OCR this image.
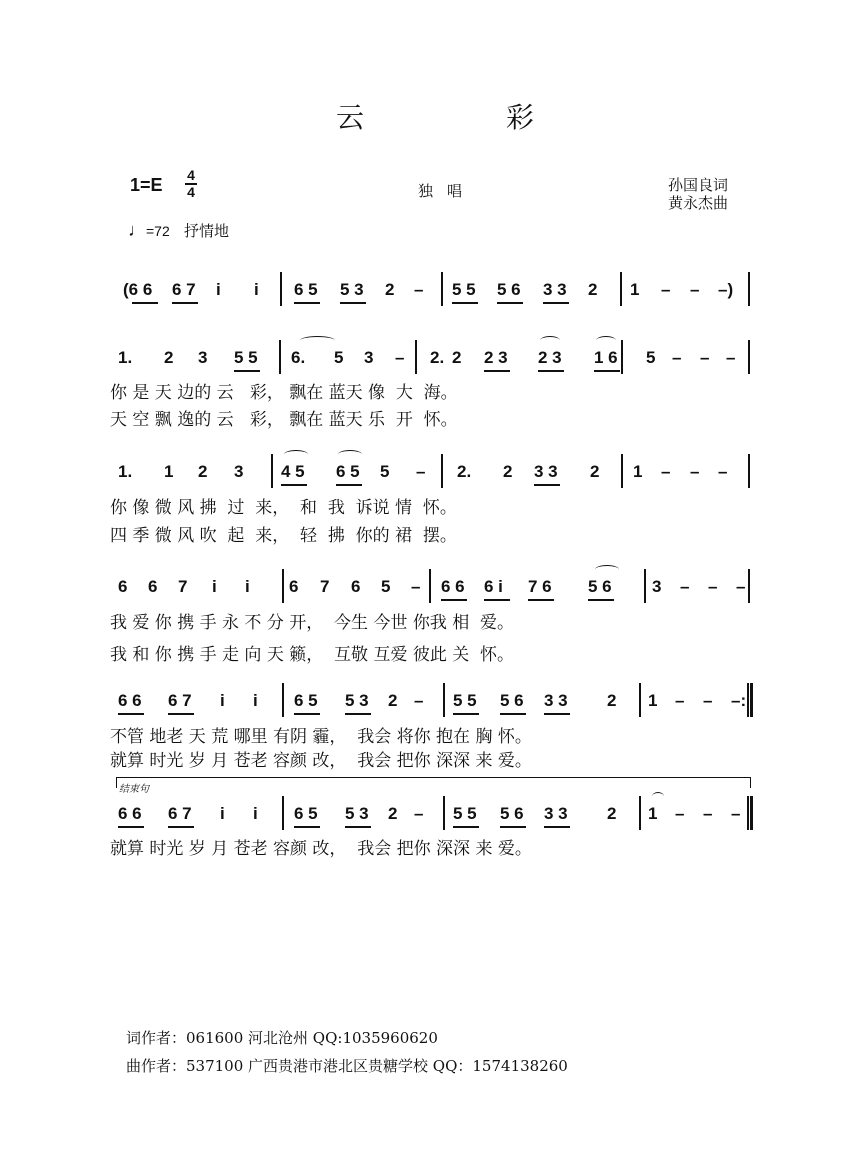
云	彩
1=E 4
4	独唱	孙国良词
黄永杰曲
♩=72 抒情地
(6 6 6 7 i i 6 5 5 3 2 – 5 5 5 6 3 3 2 1 – – –)
1. 2 3 5 5 6. 5 3 – 2. 2 2 3 2 3 1 6 5 – – –
你 是 天 边的 云   彩， 飘在 蓝天 像  大  海。
天 空 飘 逸的 云   彩， 飘在 蓝天 乐  开  怀。
1. 1 2 3 4 5 6 5 5 – 2. 2 3 3 2 1 – – –
你 像 微 风 拂  过  来，  和  我  诉说 情  怀。
四 季 微 风 吹  起  来，  轻  拂  你的 裙  摆。
6 6 7 i i 6 7 6 5 – 6 6 6 i 7 6 5 6 3 – – –
我 爱 你 携 手 永 不 分 开，  今生 今世 你我 相  爱。
我 和 你 携 手 走 向 天 籁，  互敬 互爱 彼此 关  怀。
6 6 6 7 i i 6 5 5 3 2 – 5 5 5 6 3 3 2 1 – – –:
不管 地老 天 荒 哪里 有阴 霾，  我会 将你 抱在 胸 怀。
就算 时光 岁 月 苍老 容颜 改，  我会 把你 深深 来 爱。
6 6 6 7 i i 6 5 5 3 2 – 5 5 5 6 3 3 2 1 – – –
就算 时光 岁 月 苍老 容颜 改，  我会 把你 深深 来 爱。
结束句
词作者：061600 河北沧州 QQ:1035960620
曲作者：537100 广西贵港市港北区贵糖学校 QQ：1574138260
